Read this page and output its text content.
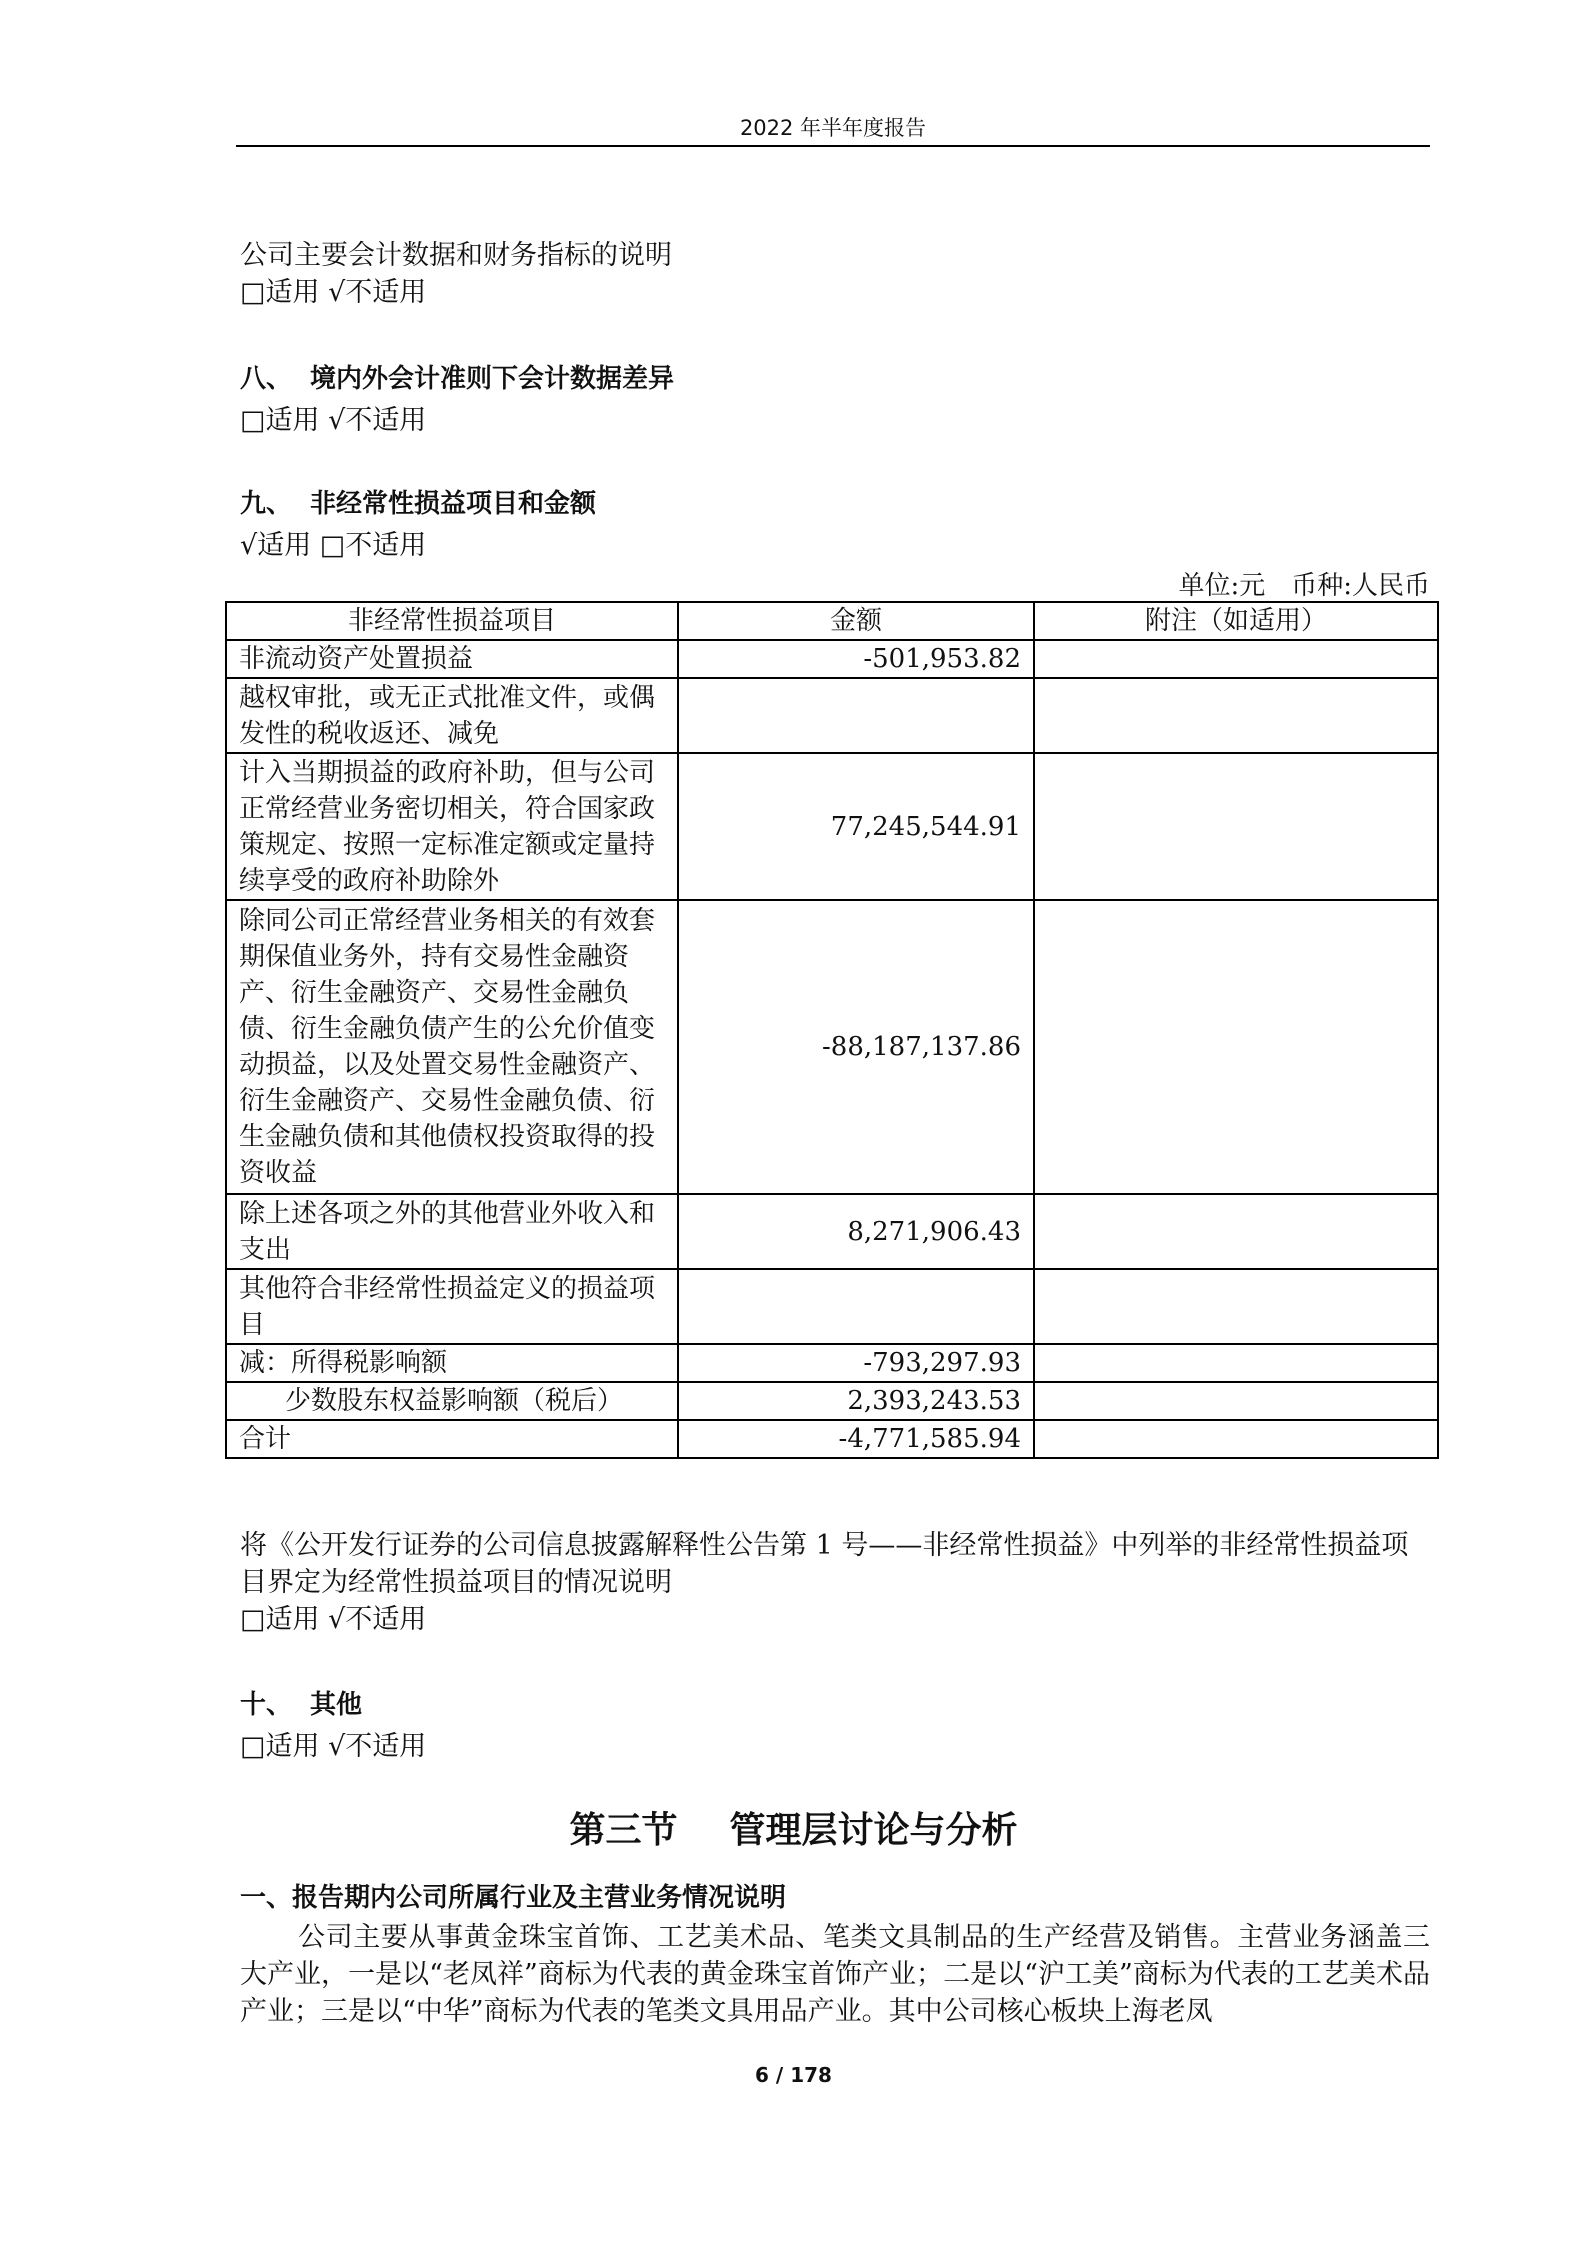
2022 年半年度报告
公司主要会计数据和财务指标的说明
□适用 √不适用
八、 境内外会计准则下会计数据差异
□适用 √不适用
九、 非经常性损益项目和金额
√适用 □不适用
单位:元　币种:人民币
非经常性损益项目	金额	附注（如适用）
非流动资产处置损益	-501,953.82	
越权审批，或无正式批准文件，或偶发性的税收返还、减免		
计入当期损益的政府补助，但与公司正常经营业务密切相关，符合国家政策规定、按照一定标准定额或定量持续享受的政府补助除外	77,245,544.91	
除同公司正常经营业务相关的有效套期保值业务外，持有交易性金融资产、衍生金融资产、交易性金融负债、衍生金融负债产生的公允价值变动损益，以及处置交易性金融资产、衍生金融资产、交易性金融负债、衍生金融负债和其他债权投资取得的投资收益	-88,187,137.86	
除上述各项之外的其他营业外收入和支出	8,271,906.43	
其他符合非经常性损益定义的损益项目		
减：所得税影响额	-793,297.93	
少数股东权益影响额（税后）	2,393,243.53	
合计	-4,771,585.94	
将《公开发行证券的公司信息披露解释性公告第 1 号——非经常性损益》中列举的非经常性损益项目界定为经常性损益项目的情况说明
□适用 √不适用
十、 其他
□适用 √不适用
第三节 管理层讨论与分析
一、报告期内公司所属行业及主营业务情况说明
公司主要从事黄金珠宝首饰、工艺美术品、笔类文具制品的生产经营及销售。主营业务涵盖三大产业，一是以“老凤祥”商标为代表的黄金珠宝首饰产业；二是以“沪工美”商标为代表的工艺美术品产业；三是以“中华”商标为代表的笔类文具用品产业。其中公司核心板块上海老凤
6 / 178
